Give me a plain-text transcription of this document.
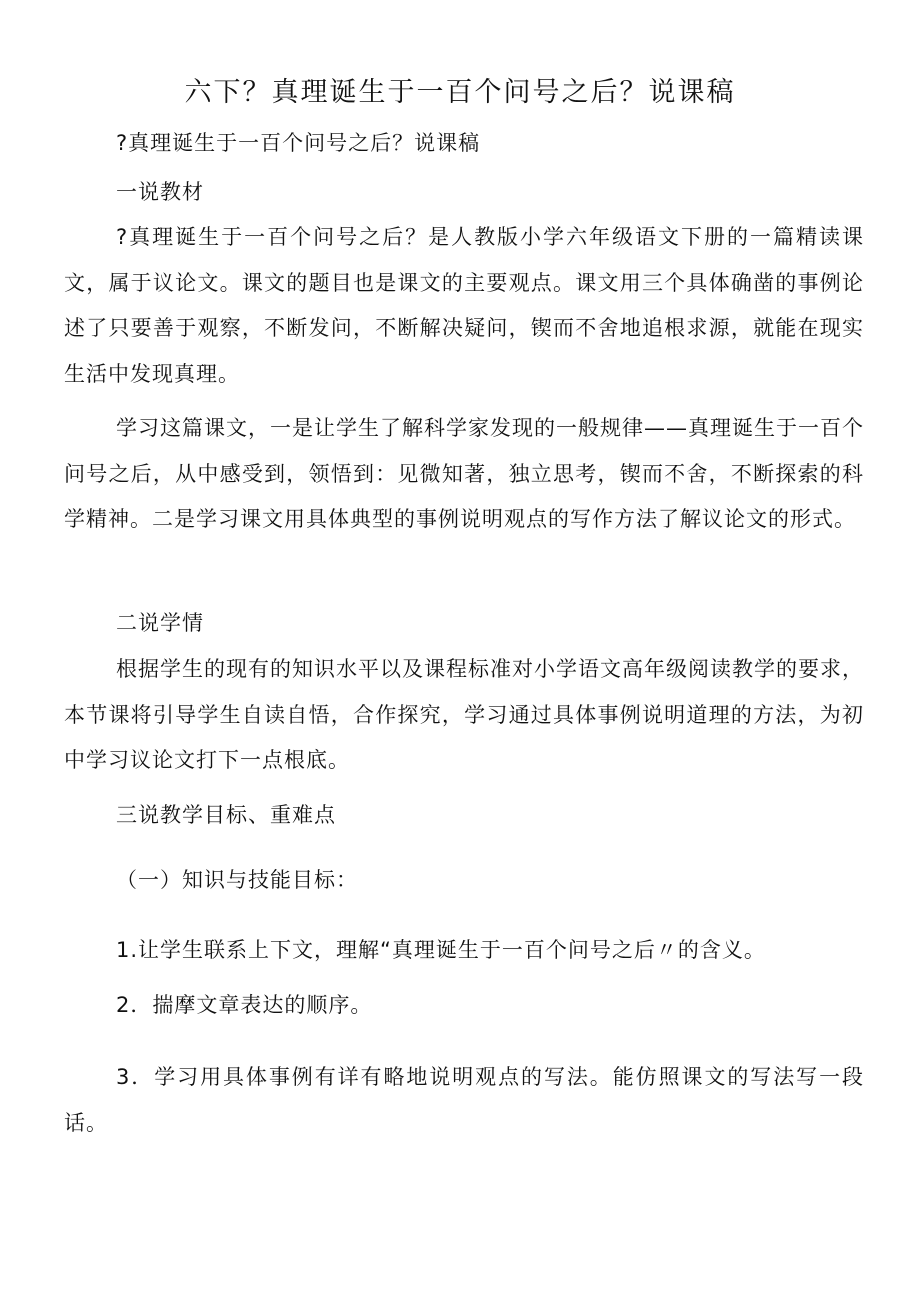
六下？真理诞生于一百个问号之后？说课稿

?真理诞生于一百个问号之后？说课稿

一说教材

?真理诞生于一百个问号之后？是人教版小学六年级语文下册的一篇精读课文，属于议论文。课文的题目也是课文的主要观点。课文用三个具体确凿的事例论述了只要善于观察，不断发问，不断解决疑问，锲而不舍地追根求源，就能在现实生活中发现真理。

学习这篇课文，一是让学生了解科学家发现的一般规律——真理诞生于一百个问号之后，从中感受到，领悟到：见微知著，独立思考，锲而不舍，不断探索的科学精神。二是学习课文用具体典型的事例说明观点的写作方法了解议论文的形式。

二说学情

根据学生的现有的知识水平以及课程标准对小学语文高年级阅读教学的要求，本节课将引导学生自读自悟，合作探究，学习通过具体事例说明道理的方法，为初中学习议论文打下一点根底。

三说教学目标、重难点

（一）知识与技能目标：

1.让学生联系上下文，理解“真理诞生于一百个问号之后〃的含义。

2．揣摩文章表达的顺序。

3．学习用具体事例有详有略地说明观点的写法。能仿照课文的写法写一段话。
